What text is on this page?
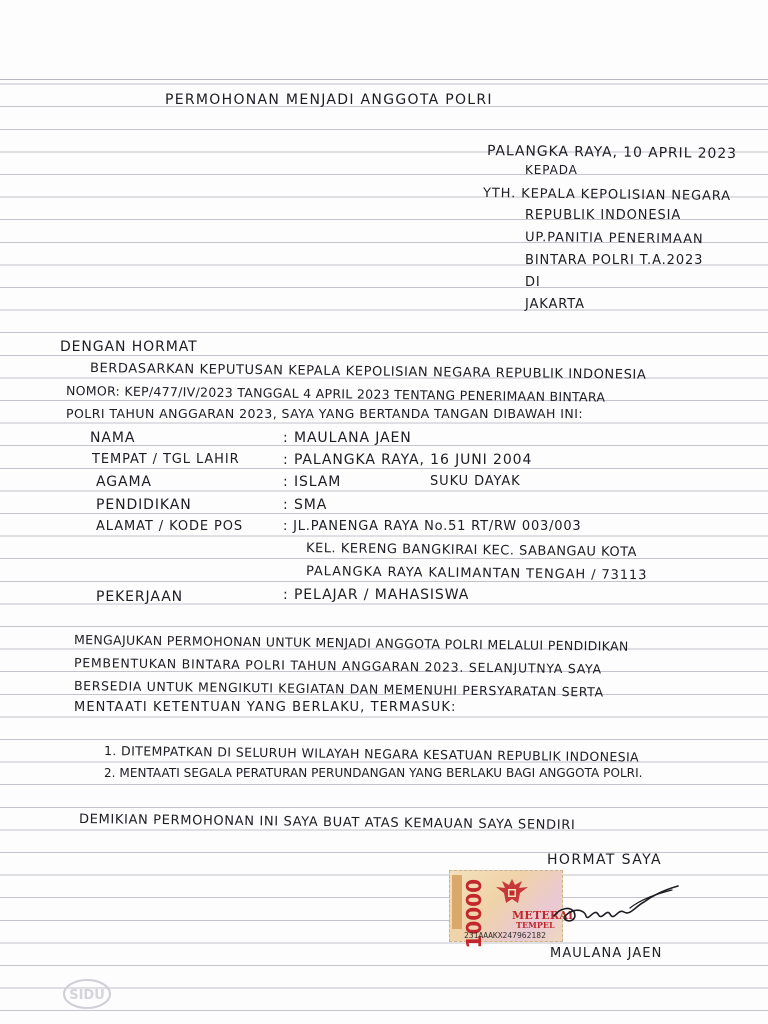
PERMOHONAN MENJADI ANGGOTA POLRI
PALANGKA RAYA, 10 APRIL 2023
KEPADA
YTH. KEPALA KEPOLISIAN NEGARA
REPUBLIK INDONESIA
UP.PANITIA PENERIMAAN
BINTARA POLRI T.A.2023
DI
JAKARTA
DENGAN HORMAT
BERDASARKAN KEPUTUSAN KEPALA KEPOLISIAN NEGARA REPUBLIK INDONESIA
NOMOR: KEP/477/IV/2023 TANGGAL 4 APRIL 2023 TENTANG PENERIMAAN BINTARA
POLRI TAHUN ANGGARAN 2023, SAYA YANG BERTANDA TANGAN DIBAWAH INI:
NAMA	: MAULANA JAEN
TEMPAT / TGL LAHIR	: PALANGKA RAYA, 16 JUNI 2004
AGAMA	: ISLAM	SUKU DAYAK
PENDIDIKAN	: SMA
ALAMAT / KODE POS	: JL.PANENGA RAYA No.51 RT/RW 003/003
KEL. KERENG BANGKIRAI KEC. SABANGAU KOTA
PALANGKA RAYA KALIMANTAN TENGAH / 73113
PEKERJAAN	: PELAJAR / MAHASISWA
MENGAJUKAN PERMOHONAN UNTUK MENJADI ANGGOTA POLRI MELALUI PENDIDIKAN
PEMBENTUKAN BINTARA POLRI TAHUN ANGGARAN 2023. SELANJUTNYA SAYA
BERSEDIA UNTUK MENGIKUTI KEGIATAN DAN MEMENUHI PERSYARATAN SERTA
MENTAATI KETENTUAN YANG BERLAKU, TERMASUK:
1. DITEMPATKAN DI SELURUH WILAYAH NEGARA KESATUAN REPUBLIK INDONESIA
2. MENTAATI SEGALA PERATURAN PERUNDANGAN YANG BERLAKU BAGI ANGGOTA POLRI.
DEMIKIAN PERMOHONAN INI SAYA BUAT ATAS KEMAUAN SAYA SENDIRI
HORMAT SAYA
10000 METERAI
TEMPEL
231AAAKX247962182
MAULANA JAEN
SIDU
